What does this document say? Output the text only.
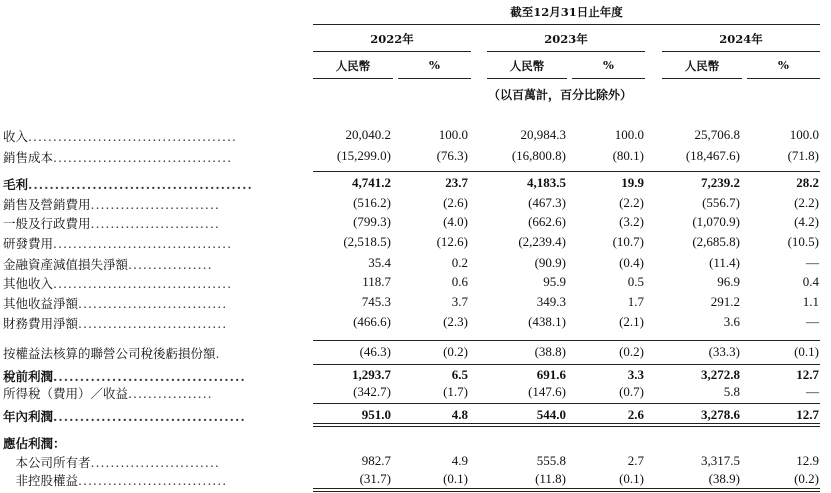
截至12月31日止年度
2022年	2023年	2024年
人民幣	%	人民幣	%	人民幣	%
（以百萬計，百分比除外）
收入..........................................	20,040.2	100.0	20,984.3	100.0	25,706.8	100.0
銷售成本....................................	(15,299.0)	(76.3)	(16,800.8)	(80.1)	(18,467.6)	(71.8)
毛利..........................................	4,741.2	23.7	4,183.5	19.9	7,239.2	28.2
銷售及營銷費用..........................	(516.2)	(2.6)	(467.3)	(2.2)	(556.7)	(2.2)
一般及行政費用..........................	(799.3)	(4.0)	(662.6)	(3.2)	(1,070.9)	(4.2)
研發費用....................................	(2,518.5)	(12.6)	(2,239.4)	(10.7)	(2,685.8)	(10.5)
金融資產減值損失淨額.................	35.4	0.2	(90.9)	(0.4)	(11.4)	—
其他收入....................................	118.7	0.6	95.9	0.5	96.9	0.4
其他收益淨額..............................	745.3	3.7	349.3	1.7	291.2	1.1
財務費用淨額..............................	(466.6)	(2.3)	(438.1)	(2.1)	3.6	—
按權益法核算的聯營公司稅後虧損份額.	(46.3)	(0.2)	(38.8)	(0.2)	(33.3)	(0.1)
稅前利潤....................................	1,293.7	6.5	691.6	3.3	3,272.8	12.7
所得稅（費用）／收益.................	(342.7)	(1.7)	(147.6)	(0.7)	5.8	—
年內利潤....................................	951.0	4.8	544.0	2.6	3,278.6	12.7
應佔利潤：
　本公司所有者..........................	982.7	4.9	555.8	2.7	3,317.5	12.9
　非控股權益..............................	(31.7)	(0.1)	(11.8)	(0.1)	(38.9)	(0.2)
